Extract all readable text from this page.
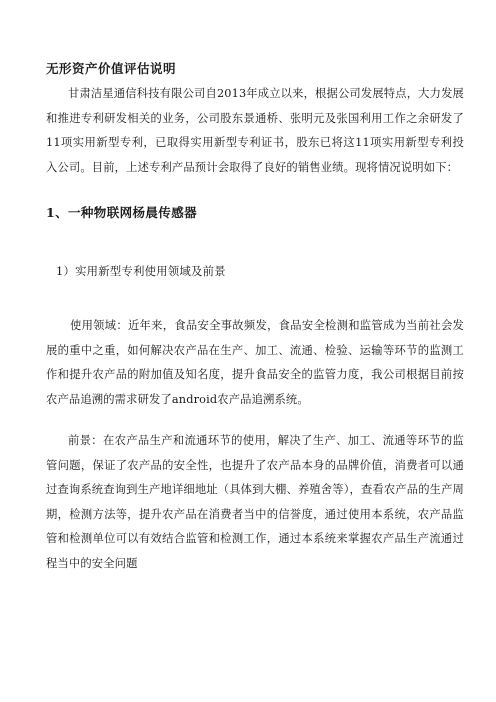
无形资产价值评估说明

甘肃洁星通信科技有限公司自2013年成立以来，根据公司发展特点，大力发展和推进专利研发相关的业务，公司股东景通桥、张明元及张国利用工作之余研发了 11项实用新型专利，已取得实用新型专利证书，股东已将这11项实用新型专利投入公司。目前，上述专利产品预计会取得了良好的销售业绩。现将情况说明如下：

1、一种物联网杨晨传感器
1）实用新型专利使用领域及前景

使用领域：近年来，食品安全事故频发，食品安全检测和监管成为当前社会发展的重中之重，如何解决农产品在生产、加工、流通、检验、运输等环节的监测工作和提升农产品的附加值及知名度，提升食品安全的监管力度，我公司根据目前按农产品追溯的需求研发了android农产品追溯系统。

前景：在农产品生产和流通环节的使用，解决了生产、加工、流通等环节的监管问题，保证了农产品的安全性，也提升了农产品本身的品牌价值，消费者可以通过查询系统查询到生产地详细地址（具体到大棚、养殖舍等），查看农产品的生产周期，检测方法等，提升农产品在消费者当中的信誉度，通过使用本系统，农产品监管和检测单位可以有效结合监管和检测工作，通过本系统来掌握农产品生产流通过程当中的安全问题
